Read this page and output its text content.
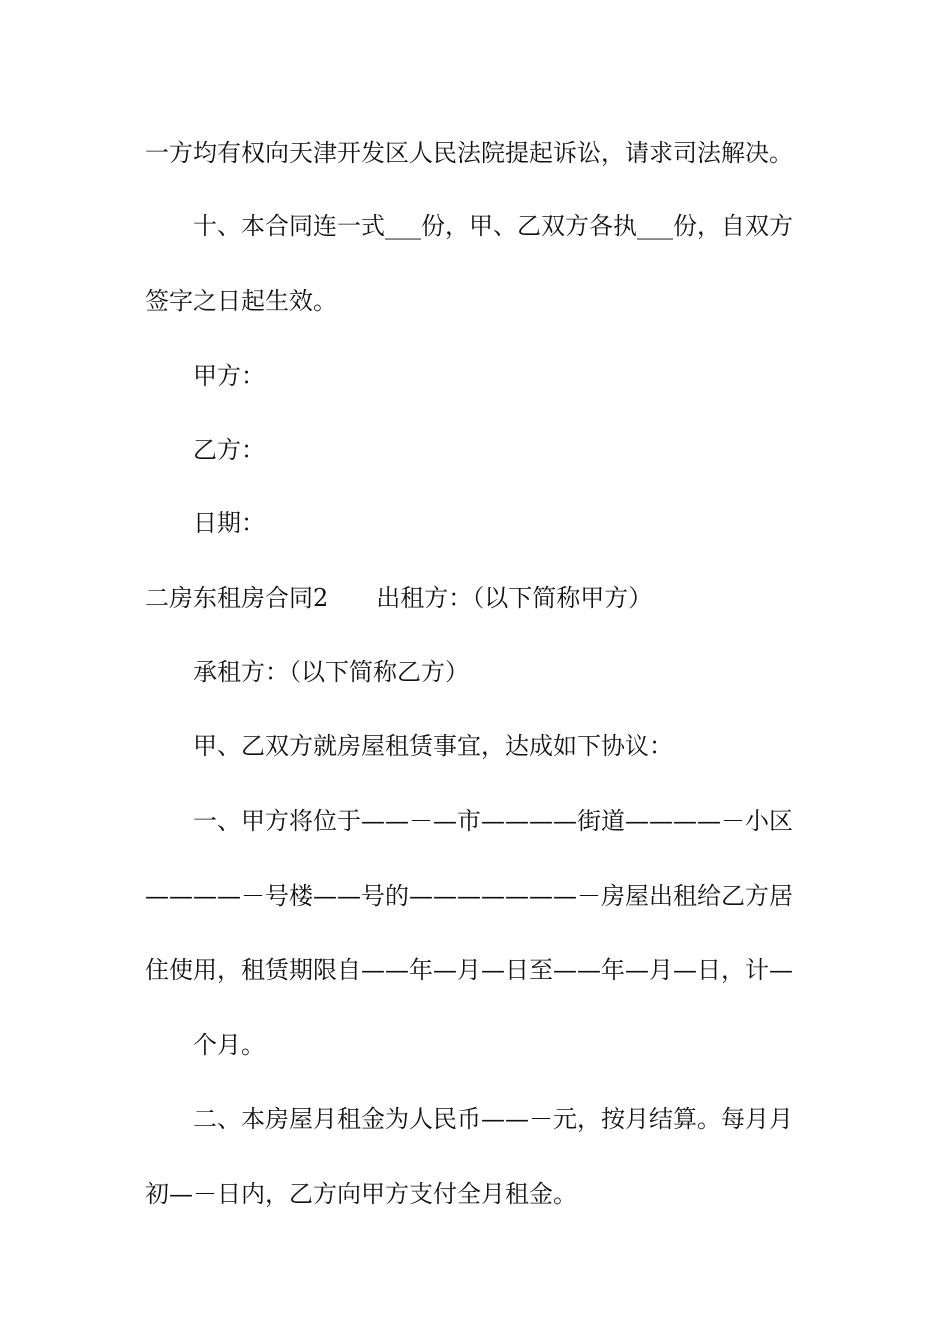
一方均有权向天津开发区人民法院提起诉讼，请求司法解决。
十、本合同连一式___份，甲、乙双方各执___份，自双方
签字之日起生效。
甲方：
乙方：
日期：
二房东租房合同2　　出租方：（以下简称甲方）
承租方：（以下简称乙方）
甲、乙双方就房屋租赁事宜，达成如下协议：
一、甲方将位于——－—市————街道————－小区
————－号楼——号的———————－房屋出租给乙方居
住使用，租赁期限自——年—月—日至——年—月—日，计—
个月。
二、本房屋月租金为人民币——－元，按月结算。每月月
初—－日内，乙方向甲方支付全月租金。
